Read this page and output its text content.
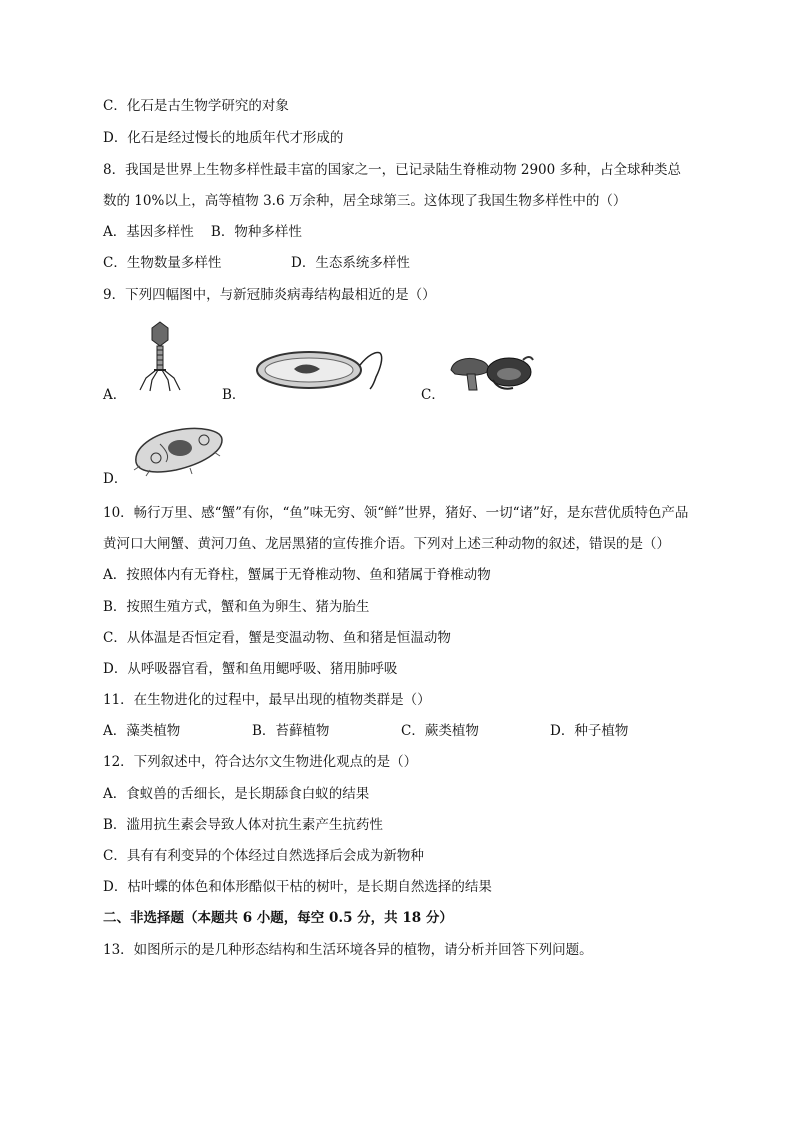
C．化石是古生物学研究的对象

D．化石是经过慢长的地质年代才形成的

8．我国是世界上生物多样性最丰富的国家之一，已记录陆生脊椎动物 2900 多种，占全球种类总

数的 10%以上，高等植物 3.6 万余种，居全球第三。这体现了我国生物多样性中的（）

A．基因多样性    B．物种多样性

C．生物数量多样性	D．生态系统多样性

9．下列四幅图中，与新冠肺炎病毒结构最相近的是（）

A．	B．	C．
D．

10．畅行万里、感“蟹”有你，“鱼”味无穷、领“鲜”世界，猪好、一切“诸”好，是东营优质特色产品

黄河口大闸蟹、黄河刀鱼、龙居黑猪的宣传推介语。下列对上述三种动物的叙述，错误的是（）

A．按照体内有无脊柱，蟹属于无脊椎动物、鱼和猪属于脊椎动物

B．按照生殖方式，蟹和鱼为卵生、猪为胎生

C．从体温是否恒定看，蟹是变温动物、鱼和猪是恒温动物

D．从呼吸器官看，蟹和鱼用鳃呼吸、猪用肺呼吸

11．在生物进化的过程中，最早出现的植物类群是（）

A．藻类植物	B．苔藓植物	C．蕨类植物	D．种子植物

12．下列叙述中，符合达尔文生物进化观点的是（）

A．食蚁兽的舌细长，是长期舔食白蚁的结果

B．滥用抗生素会导致人体对抗生素产生抗药性

C．具有有利变异的个体经过自然选择后会成为新物种

D．枯叶蝶的体色和体形酷似干枯的树叶，是长期自然选择的结果

二、非选择题（本题共 6 小题，每空 0.5 分，共 18 分）

13．如图所示的是几种形态结构和生活环境各异的植物，请分析并回答下列问题。
